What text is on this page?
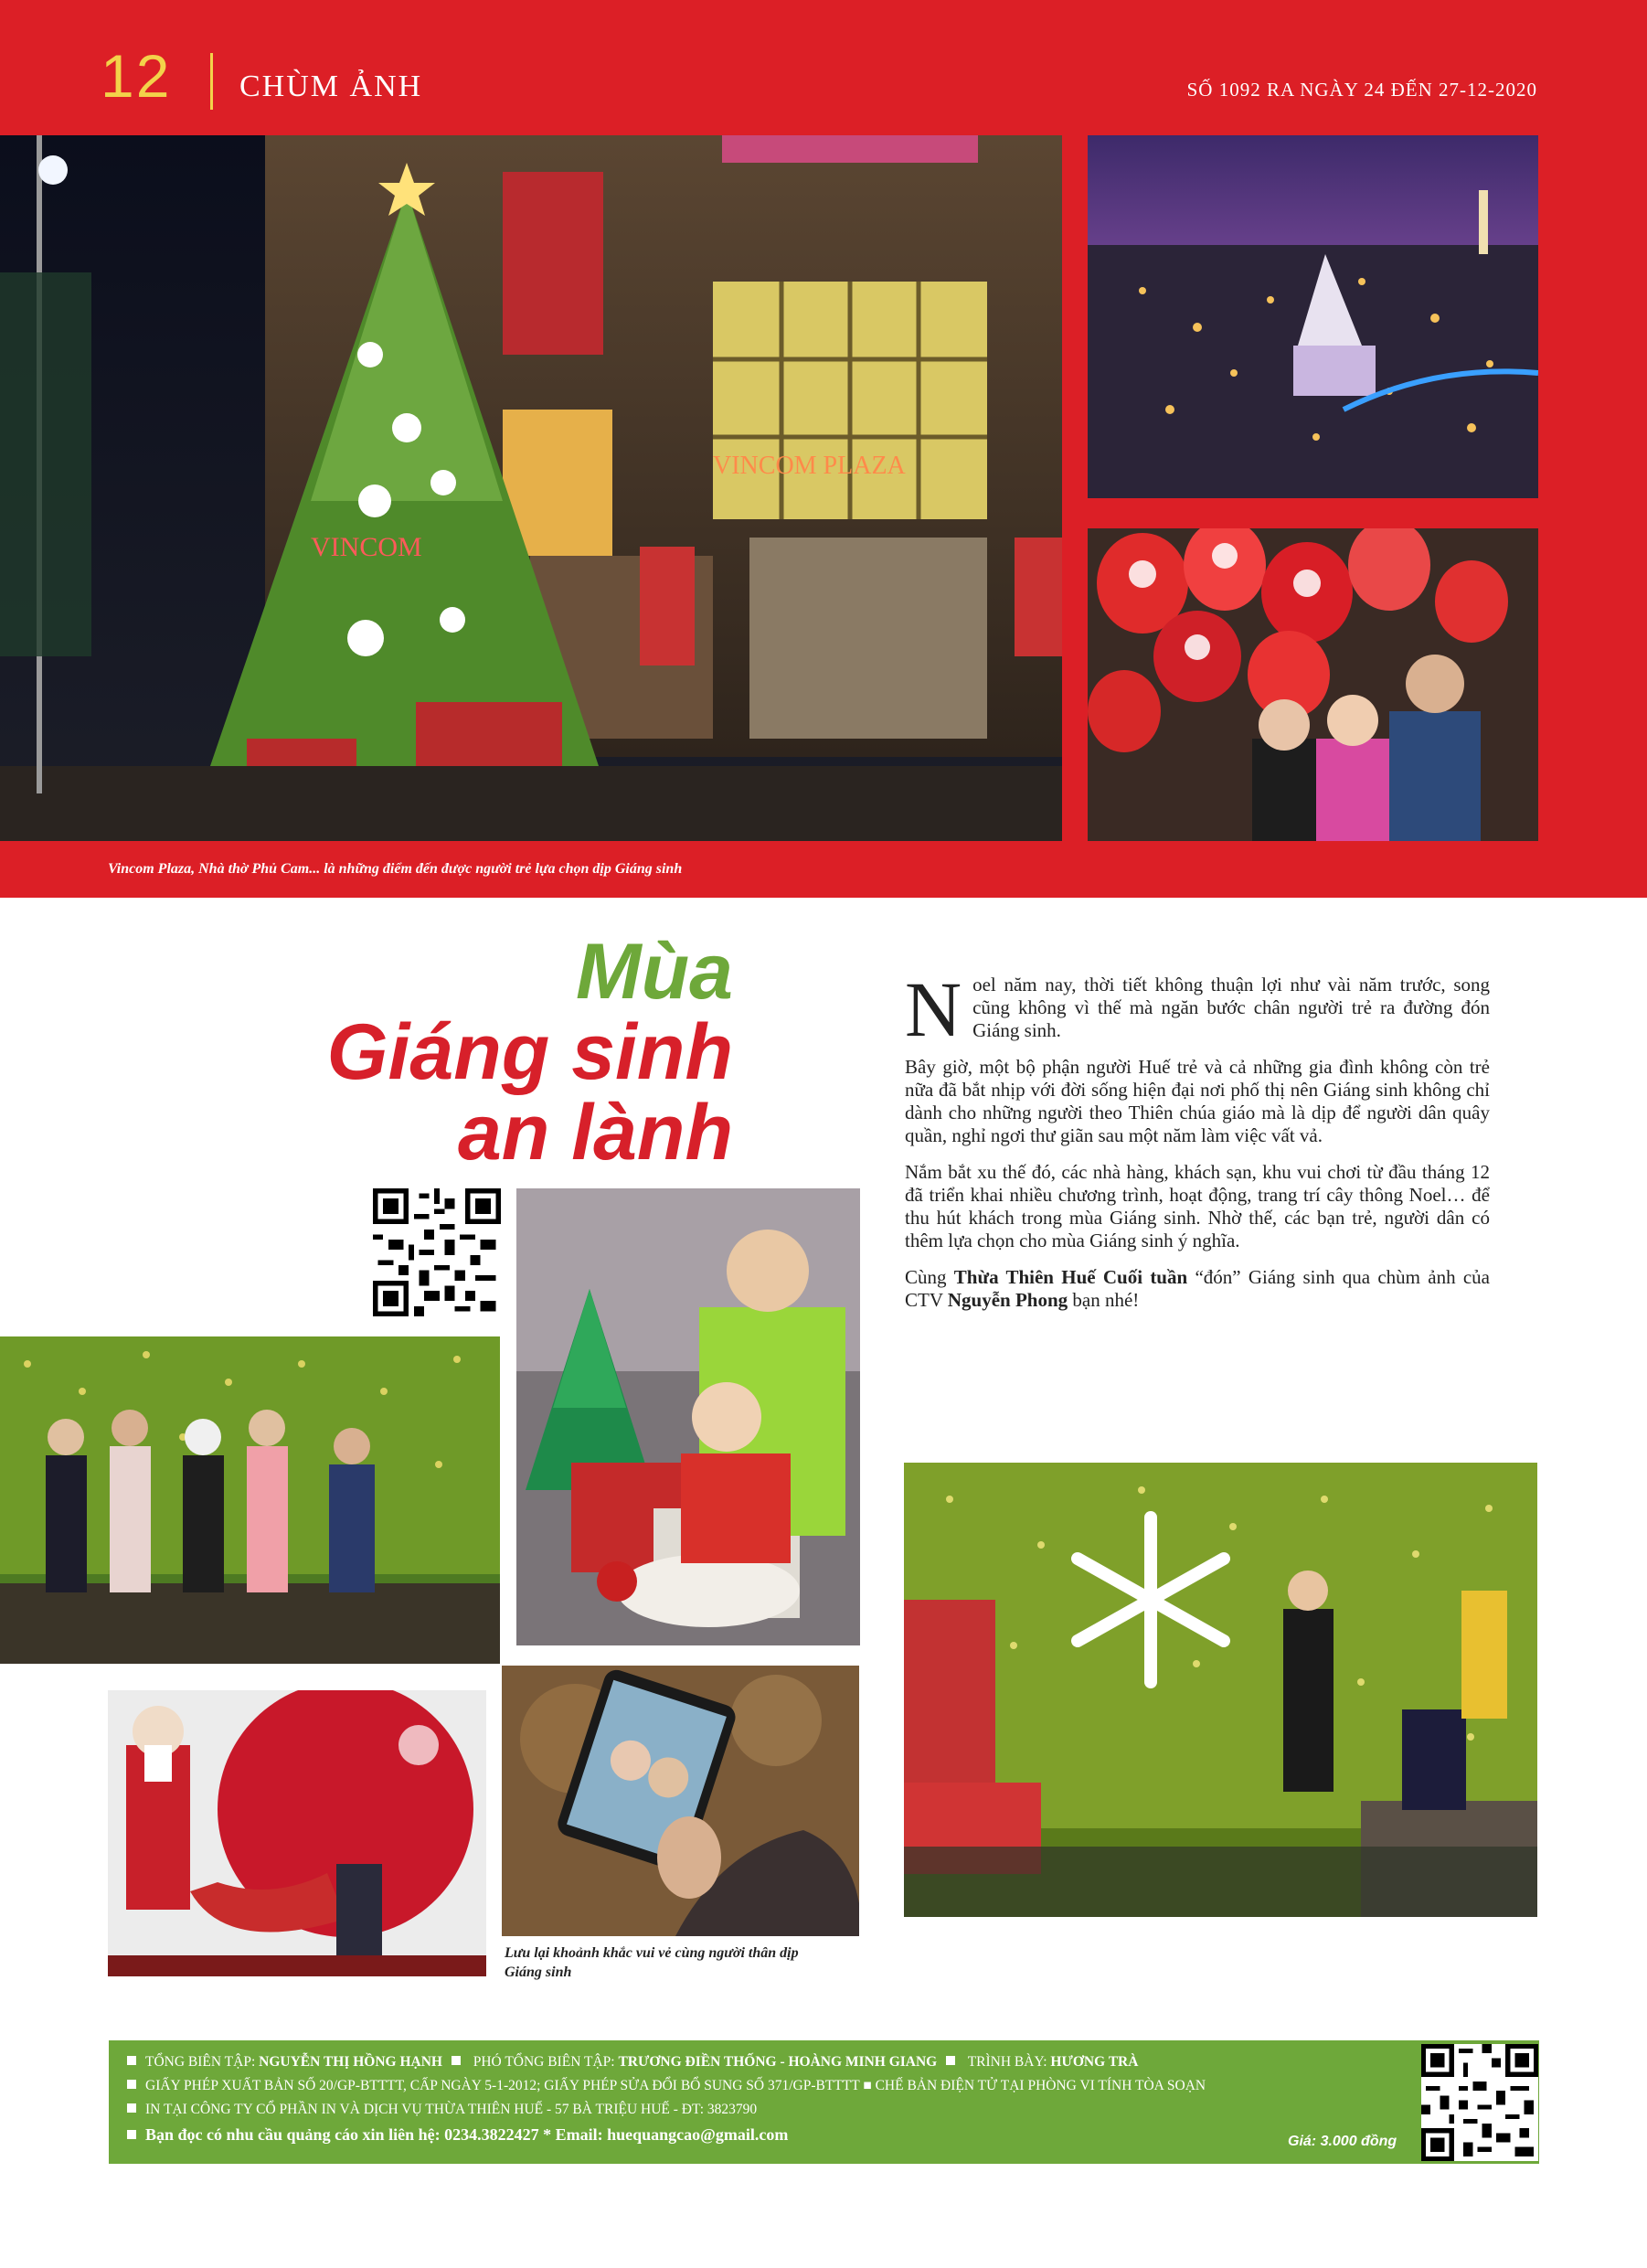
12 CHÙM ẢNH	SỐ 1092 RA NGÀY 24 ĐẾN 27-12-2020
VINCOM
VINCOM PLAZA
Vincom Plaza, Nhà thờ Phủ Cam... là những điểm đến được người trẻ lựa chọn dịp Giáng sinh
Mùa
Giáng sinh
an lành

Noel năm nay, thời tiết không thuận lợi như vài năm trước, song cũng không vì thế mà ngăn bước chân người trẻ ra đường đón Giáng sinh.

Bây giờ, một bộ phận người Huế trẻ và cả những gia đình không còn trẻ nữa đã bắt nhịp với đời sống hiện đại nơi phố thị nên Giáng sinh không chỉ dành cho những người theo Thiên chúa giáo mà là dịp để người dân quây quần, nghỉ ngơi thư giãn sau một năm làm việc vất vả.

Nắm bắt xu thế đó, các nhà hàng, khách sạn, khu vui chơi từ đầu tháng 12 đã triển khai nhiều chương trình, hoạt động, trang trí cây thông Noel… để thu hút khách trong mùa Giáng sinh. Nhờ thế, các bạn trẻ, người dân có thêm lựa chọn cho mùa Giáng sinh ý nghĩa.

Cùng Thừa Thiên Huế Cuối tuần “đón” Giáng sinh qua chùm ảnh của CTV Nguyễn Phong bạn nhé!

Lưu lại khoảnh khắc vui vẻ cùng người thân dịp Giáng sinh
TỔNG BIÊN TẬP: NGUYỄN THỊ HỒNG HẠNH  PHÓ TỔNG BIÊN TẬP: TRƯƠNG ĐIỀN THỐNG - HOÀNG MINH GIANG  TRÌNH BÀY: HƯƠNG TRÀ
GIẤY PHÉP XUẤT BẢN SỐ 20/GP-BTTTT, CẤP NGÀY 5-1-2012; GIẤY PHÉP SỬA ĐỔI BỔ SUNG SỐ 371/GP-BTTTT ■ CHẾ BẢN ĐIỆN TỬ TẠI PHÒNG VI TÍNH TÒA SOẠN
IN TẠI CÔNG TY CỔ PHẦN IN VÀ DỊCH VỤ THỪA THIÊN HUẾ - 57 BÀ TRIỆU HUẾ - ĐT: 3823790
Bạn đọc có nhu cầu quảng cáo xin liên hệ: 0234.3822427 * Email: huequangcao@gmail.com	Giá: 3.000 đồng
